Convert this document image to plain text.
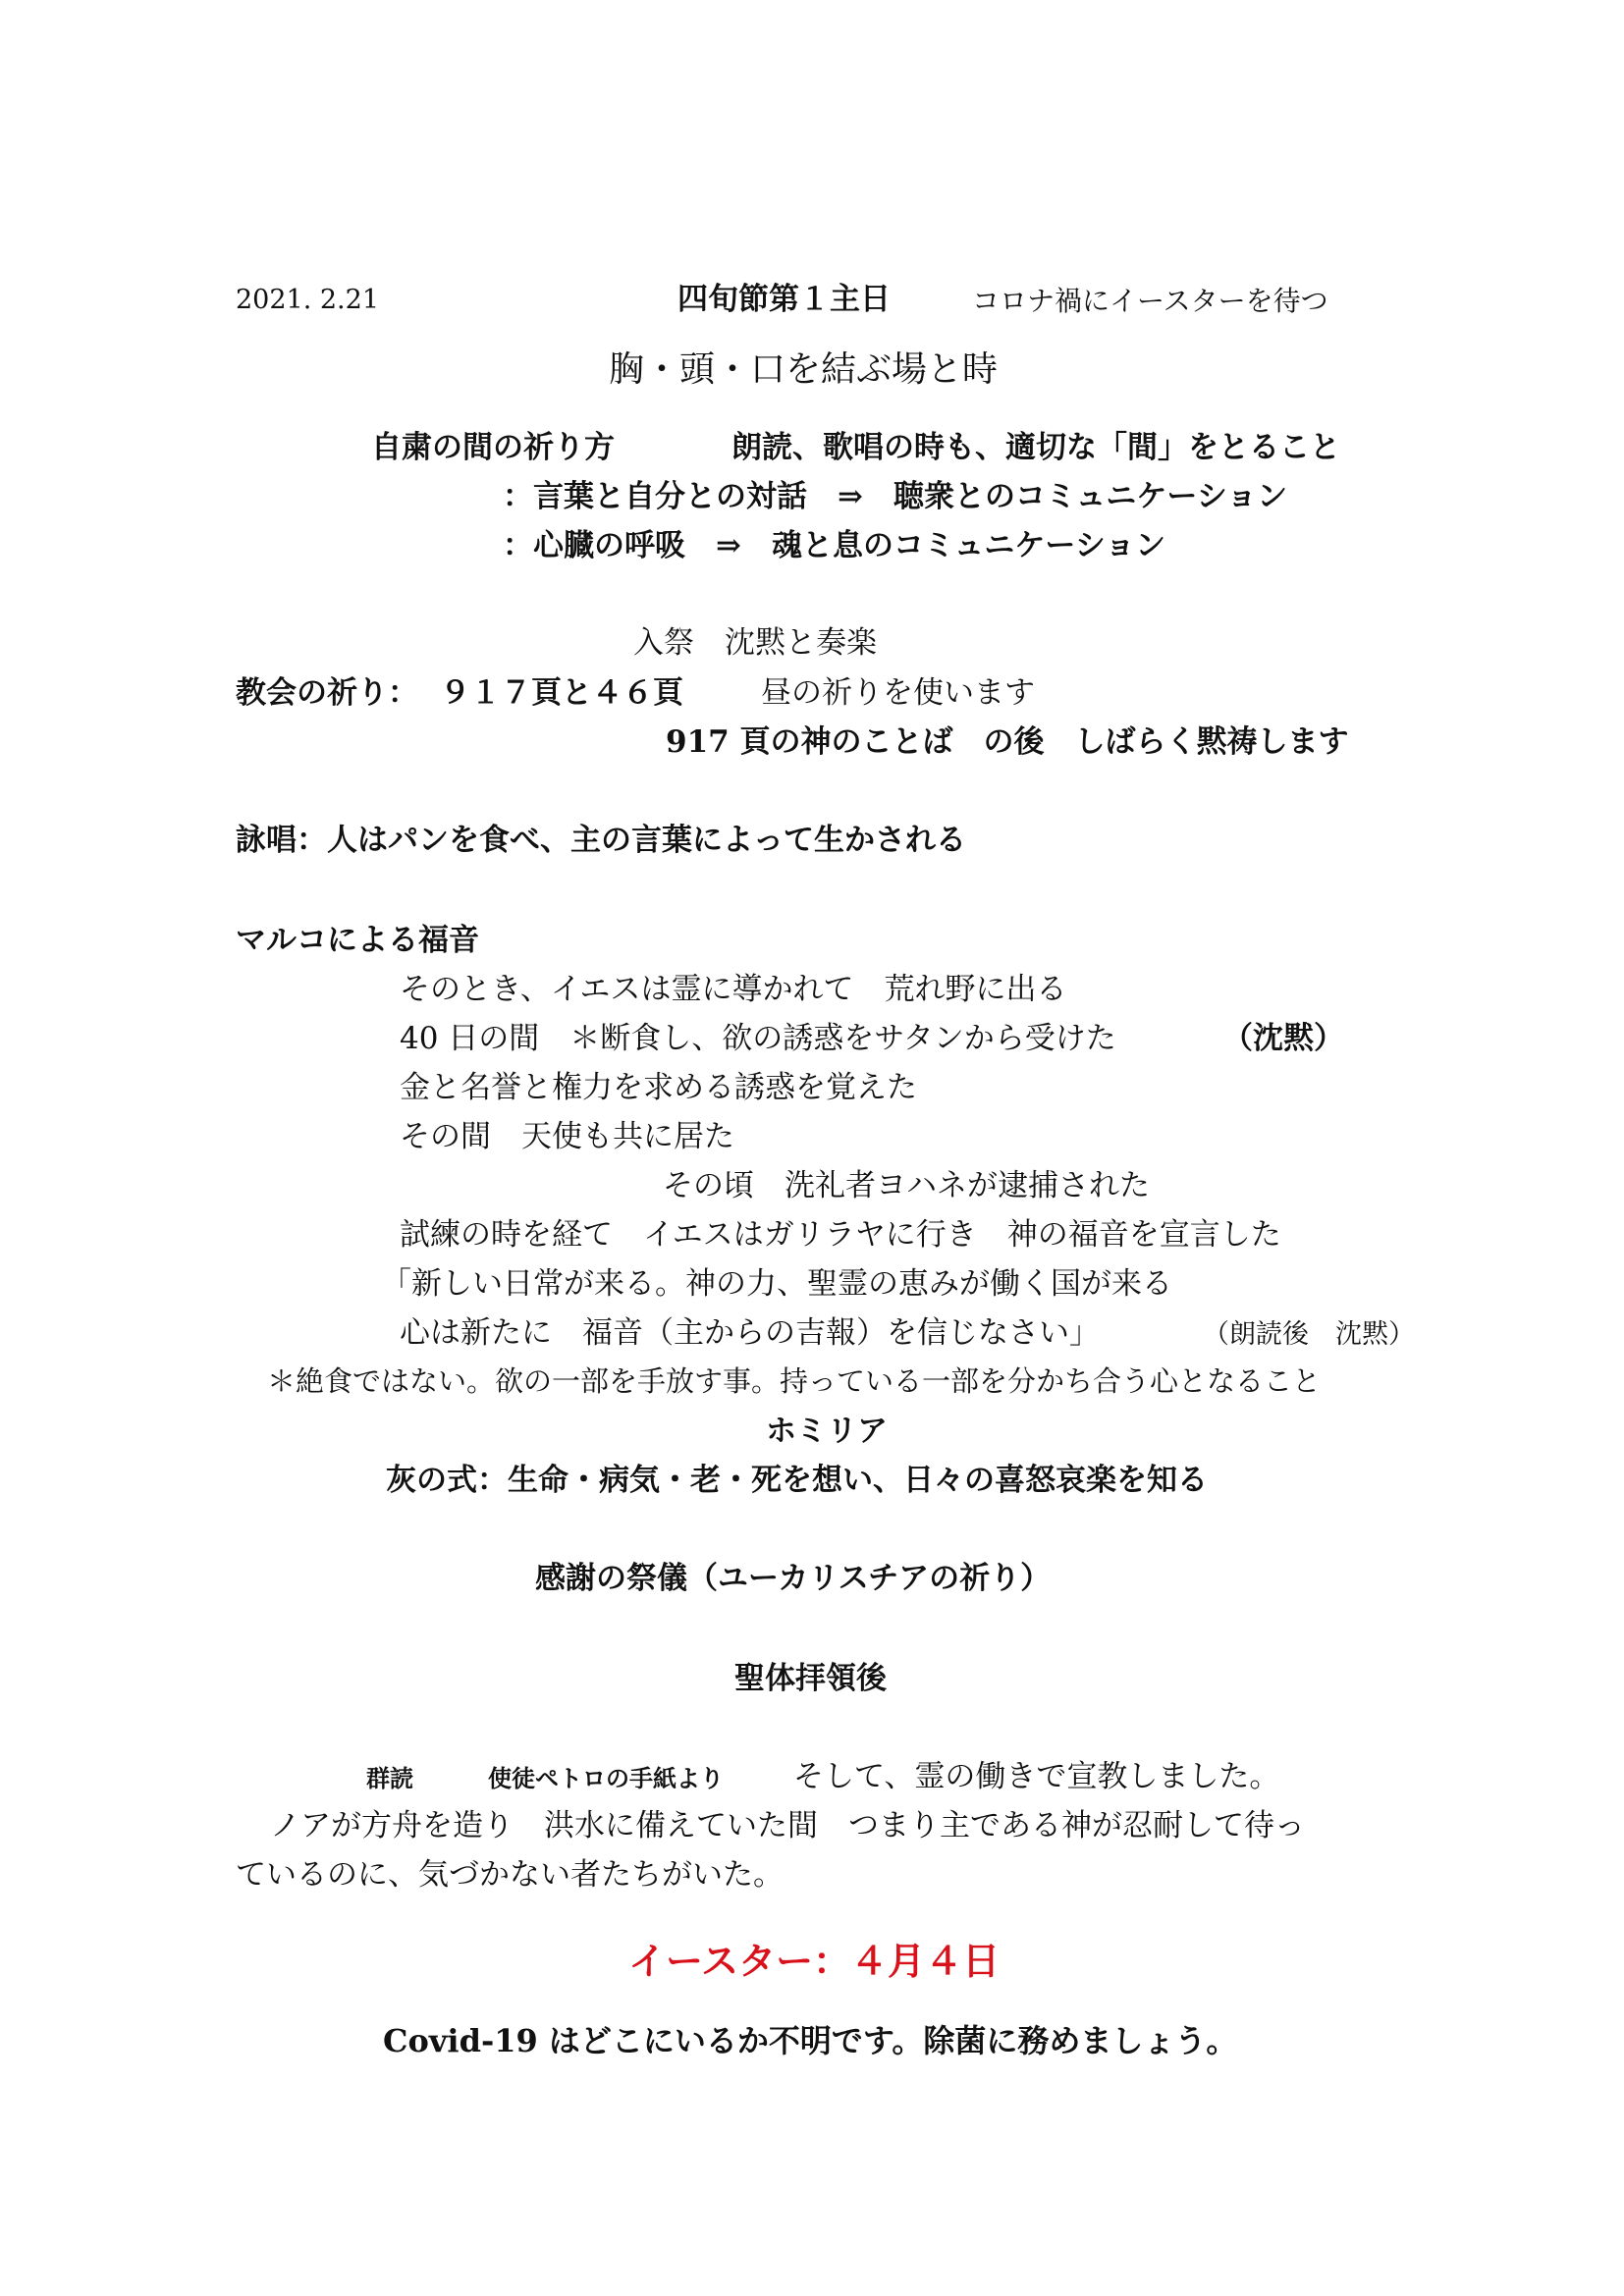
2021. 2.21	四旬節第１主日	コロナ禍にイースターを待つ
胸・頭・口を結ぶ場と時
自粛の間の祈り方	朗読、歌唱の時も、適切な「間」をとること
：言葉と自分との対話　⇒　聴衆とのコミュニケーション
：心臓の呼吸　⇒　魂と息のコミュニケーション
入祭　沈黙と奏楽
教会の祈り： ９１７頁と４６頁	昼の祈りを使います
917 頁の神のことば　の後　しばらく黙祷します
詠唱：人はパンを食べ、主の言葉によって生かされる
マルコによる福音
そのとき、イエスは霊に導かれて　荒れ野に出る
40 日の間　＊断食し、欲の誘惑をサタンから受けた	（沈黙）
金と名誉と権力を求める誘惑を覚えた
その間　天使も共に居た
その頃　洗礼者ヨハネが逮捕された
試練の時を経て　イエスはガリラヤに行き　神の福音を宣言した
「新しい日常が来る。神の力、聖霊の恵みが働く国が来る
心は新たに　福音（主からの吉報）を信じなさい」	（朗読後　沈黙）
＊絶食ではない。欲の一部を手放す事。持っている一部を分かち合う心となること
ホミリア
灰の式：生命・病気・老・死を想い、日々の喜怒哀楽を知る
感謝の祭儀（ユーカリスチアの祈り）
聖体拝領後
群読	使徒ペトロの手紙より そして、霊の働きで宣教しました。
ノアが方舟を造り　洪水に備えていた間　つまり主である神が忍耐して待っ
ているのに、気づかない者たちがいた。
イースター：４月４日
Covid-19 はどこにいるか不明です。除菌に務めましょう。
